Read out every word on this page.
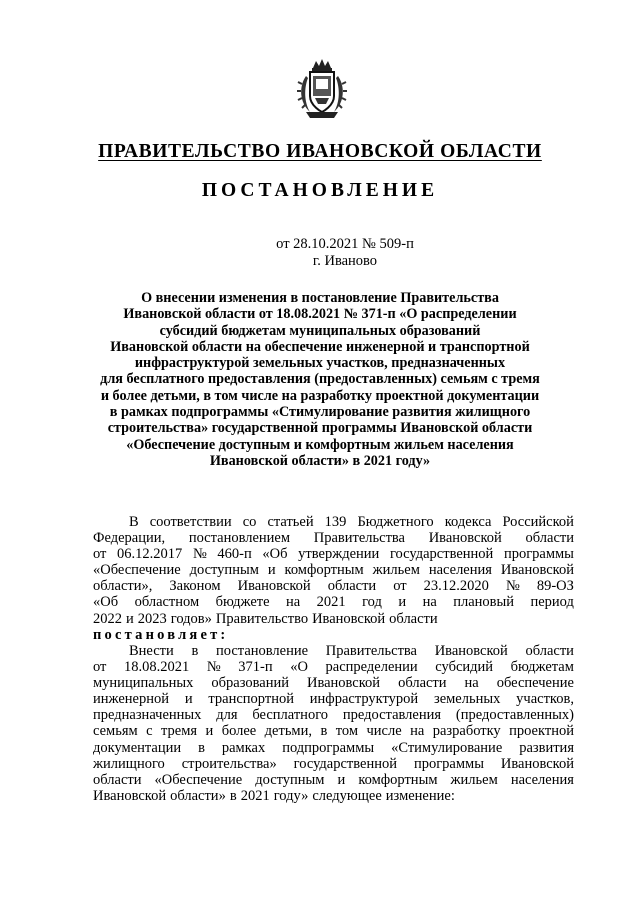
ПРАВИТЕЛЬСТВО ИВАНОВСКОЙ ОБЛАСТИ
ПОСТАНОВЛЕНИЕ
от 28.10.2021 № 509-п
г. Иваново
О внесении изменения в постановление Правительства
Ивановской области от 18.08.2021 № 371-п «О распределении
субсидий бюджетам муниципальных образований
Ивановской области на обеспечение инженерной и транспортной
инфраструктурой земельных участков, предназначенных
для бесплатного предоставления (предоставленных) семьям с тремя
и более детьми, в том числе на разработку проектной документации
в рамках подпрограммы «Стимулирование развития жилищного
строительства» государственной программы Ивановской области
«Обеспечение доступным и комфортным жильем населения
Ивановской области» в 2021 году»
В соответствии со статьей 139 Бюджетного кодекса Российской
Федерации, постановлением Правительства Ивановской области
от 06.12.2017 № 460-п «Об утверждении государственной программы
«Обеспечение доступным и комфортным жильем населения Ивановской
области», Законом Ивановской области от 23.12.2020 № 89-ОЗ
«Об областном бюджете на 2021 год и на плановый период
2022 и 2023 годов» Правительство Ивановской области
постановляет:
Внести в постановление Правительства Ивановской области
от 18.08.2021 № 371-п «О распределении субсидий бюджетам
муниципальных образований Ивановской области на обеспечение
инженерной и транспортной инфраструктурой земельных участков,
предназначенных для бесплатного предоставления (предоставленных)
семьям с тремя и более детьми, в том числе на разработку проектной
документации в рамках подпрограммы «Стимулирование развития
жилищного строительства» государственной программы Ивановской
области «Обеспечение доступным и комфортным жильем населения
Ивановской области» в 2021 году» следующее изменение:
